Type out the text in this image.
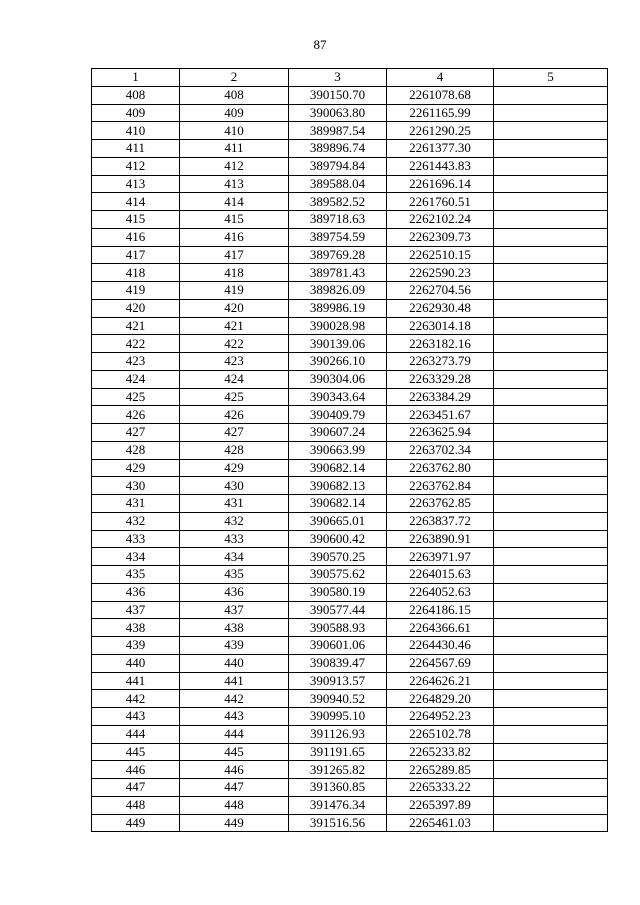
87
1	2	3	4	5
408	408	390150.70	2261078.68	
409	409	390063.80	2261165.99	
410	410	389987.54	2261290.25	
411	411	389896.74	2261377.30	
412	412	389794.84	2261443.83	
413	413	389588.04	2261696.14	
414	414	389582.52	2261760.51	
415	415	389718.63	2262102.24	
416	416	389754.59	2262309.73	
417	417	389769.28	2262510.15	
418	418	389781.43	2262590.23	
419	419	389826.09	2262704.56	
420	420	389986.19	2262930.48	
421	421	390028.98	2263014.18	
422	422	390139.06	2263182.16	
423	423	390266.10	2263273.79	
424	424	390304.06	2263329.28	
425	425	390343.64	2263384.29	
426	426	390409.79	2263451.67	
427	427	390607.24	2263625.94	
428	428	390663.99	2263702.34	
429	429	390682.14	2263762.80	
430	430	390682.13	2263762.84	
431	431	390682.14	2263762.85	
432	432	390665.01	2263837.72	
433	433	390600.42	2263890.91	
434	434	390570.25	2263971.97	
435	435	390575.62	2264015.63	
436	436	390580.19	2264052.63	
437	437	390577.44	2264186.15	
438	438	390588.93	2264366.61	
439	439	390601.06	2264430.46	
440	440	390839.47	2264567.69	
441	441	390913.57	2264626.21	
442	442	390940.52	2264829.20	
443	443	390995.10	2264952.23	
444	444	391126.93	2265102.78	
445	445	391191.65	2265233.82	
446	446	391265.82	2265289.85	
447	447	391360.85	2265333.22	
448	448	391476.34	2265397.89	
449	449	391516.56	2265461.03	
